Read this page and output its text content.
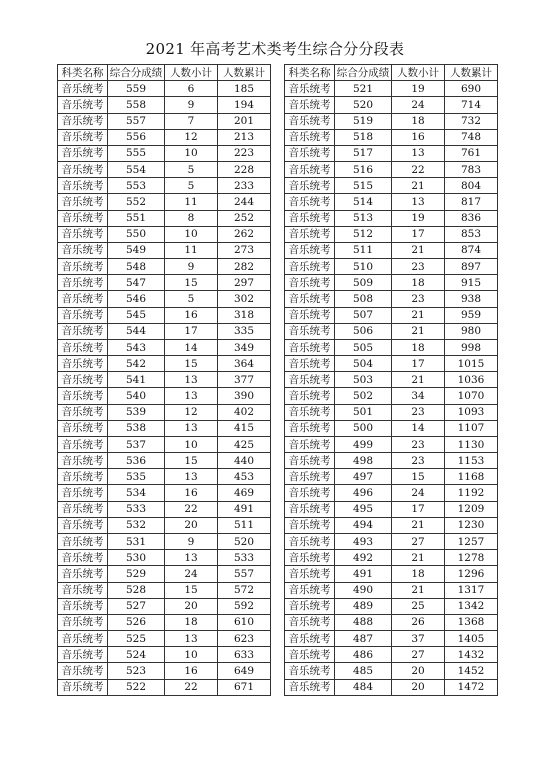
2021 年高考艺术类考生综合分分段表
科类名称	综合分成绩	人数小计	人数累计
音乐统考	559	6	185
音乐统考	558	9	194
音乐统考	557	7	201
音乐统考	556	12	213
音乐统考	555	10	223
音乐统考	554	5	228
音乐统考	553	5	233
音乐统考	552	11	244
音乐统考	551	8	252
音乐统考	550	10	262
音乐统考	549	11	273
音乐统考	548	9	282
音乐统考	547	15	297
音乐统考	546	5	302
音乐统考	545	16	318
音乐统考	544	17	335
音乐统考	543	14	349
音乐统考	542	15	364
音乐统考	541	13	377
音乐统考	540	13	390
音乐统考	539	12	402
音乐统考	538	13	415
音乐统考	537	10	425
音乐统考	536	15	440
音乐统考	535	13	453
音乐统考	534	16	469
音乐统考	533	22	491
音乐统考	532	20	511
音乐统考	531	9	520
音乐统考	530	13	533
音乐统考	529	24	557
音乐统考	528	15	572
音乐统考	527	20	592
音乐统考	526	18	610
音乐统考	525	13	623
音乐统考	524	10	633
音乐统考	523	16	649
音乐统考	522	22	671
科类名称	综合分成绩	人数小计	人数累计
音乐统考	521	19	690
音乐统考	520	24	714
音乐统考	519	18	732
音乐统考	518	16	748
音乐统考	517	13	761
音乐统考	516	22	783
音乐统考	515	21	804
音乐统考	514	13	817
音乐统考	513	19	836
音乐统考	512	17	853
音乐统考	511	21	874
音乐统考	510	23	897
音乐统考	509	18	915
音乐统考	508	23	938
音乐统考	507	21	959
音乐统考	506	21	980
音乐统考	505	18	998
音乐统考	504	17	1015
音乐统考	503	21	1036
音乐统考	502	34	1070
音乐统考	501	23	1093
音乐统考	500	14	1107
音乐统考	499	23	1130
音乐统考	498	23	1153
音乐统考	497	15	1168
音乐统考	496	24	1192
音乐统考	495	17	1209
音乐统考	494	21	1230
音乐统考	493	27	1257
音乐统考	492	21	1278
音乐统考	491	18	1296
音乐统考	490	21	1317
音乐统考	489	25	1342
音乐统考	488	26	1368
音乐统考	487	37	1405
音乐统考	486	27	1432
音乐统考	485	20	1452
音乐统考	484	20	1472
